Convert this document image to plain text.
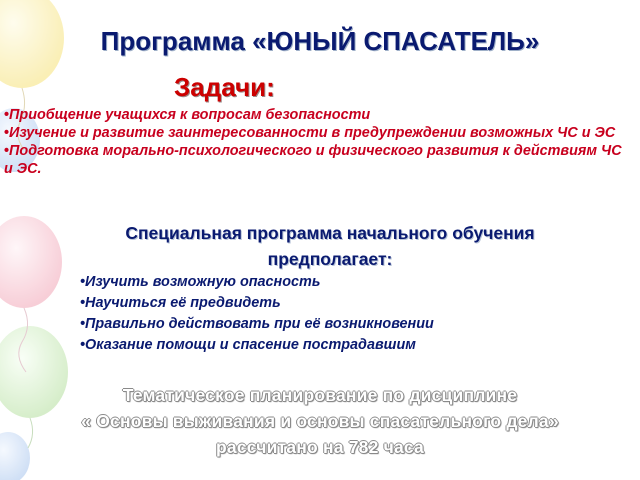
Программа «ЮНЫЙ СПАСАТЕЛЬ»
Задачи:
•Приобщение учащихся к вопросам безопасности
•Изучение и развитие заинтересованности в предупреждении возможных ЧС и ЭС
•Подготовка морально-психологического и физического развития к действиям ЧС и ЭС.
Специальная программа начального обучения
предполагает:
•Изучить возможную опасность
•Научиться её предвидеть
•Правильно действовать при её возникновении
•Оказание помощи и спасение пострадавшим
Тематическое планирование по дисциплине
« Основы выживания и основы спасательного дела»
рассчитано на 782 часа
